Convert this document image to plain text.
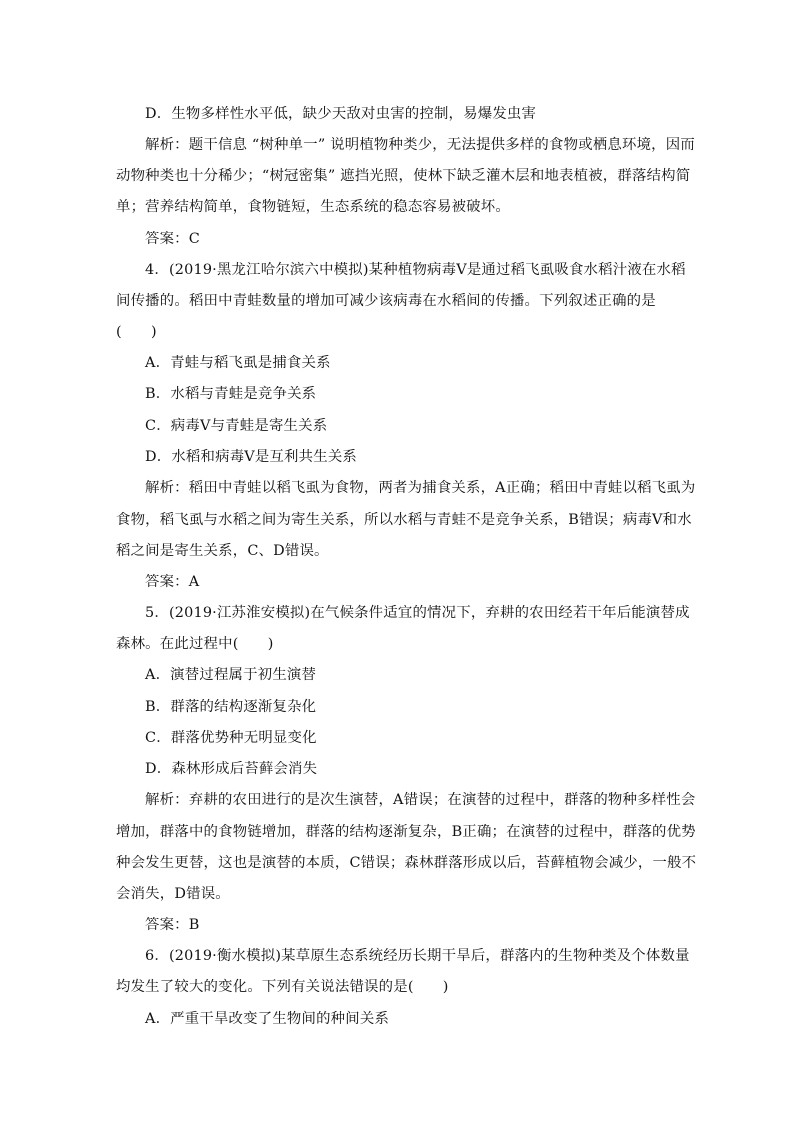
D．生物多样性水平低，缺少天敌对虫害的控制，易爆发虫害
解析：题干信息 “树种单一” 说明植物种类少，无法提供多样的食物或栖息环境，因而
动物种类也十分稀少；“树冠密集” 遮挡光照，使林下缺乏灌木层和地表植被，群落结构简
单；营养结构简单，食物链短，生态系统的稳态容易被破坏。
答案：C
4．(2019·黑龙江哈尔滨六中模拟)某种植物病毒V是通过稻飞虱吸食水稻汁液在水稻
间传播的。稻田中青蛙数量的增加可减少该病毒在水稻间的传播。下列叙述正确的是
(　　)
A．青蛙与稻飞虱是捕食关系
B．水稻与青蛙是竞争关系
C．病毒V与青蛙是寄生关系
D．水稻和病毒V是互利共生关系
解析：稻田中青蛙以稻飞虱为食物，两者为捕食关系，A正确；稻田中青蛙以稻飞虱为
食物，稻飞虱与水稻之间为寄生关系，所以水稻与青蛙不是竞争关系，B错误；病毒V和水
稻之间是寄生关系，C、D错误。
答案：A
5．(2019·江苏淮安模拟)在气候条件适宜的情况下，弃耕的农田经若干年后能演替成
森林。在此过程中(　　)
A．演替过程属于初生演替
B．群落的结构逐渐复杂化
C．群落优势种无明显变化
D．森林形成后苔藓会消失
解析：弃耕的农田进行的是次生演替，A错误；在演替的过程中，群落的物种多样性会
增加，群落中的食物链增加，群落的结构逐渐复杂，B正确；在演替的过程中，群落的优势
种会发生更替，这也是演替的本质，C错误；森林群落形成以后，苔藓植物会减少，一般不
会消失，D错误。
答案：B
6．(2019·衡水模拟)某草原生态系统经历长期干旱后，群落内的生物种类及个体数量
均发生了较大的变化。下列有关说法错误的是(　　)
A．严重干旱改变了生物间的种间关系
